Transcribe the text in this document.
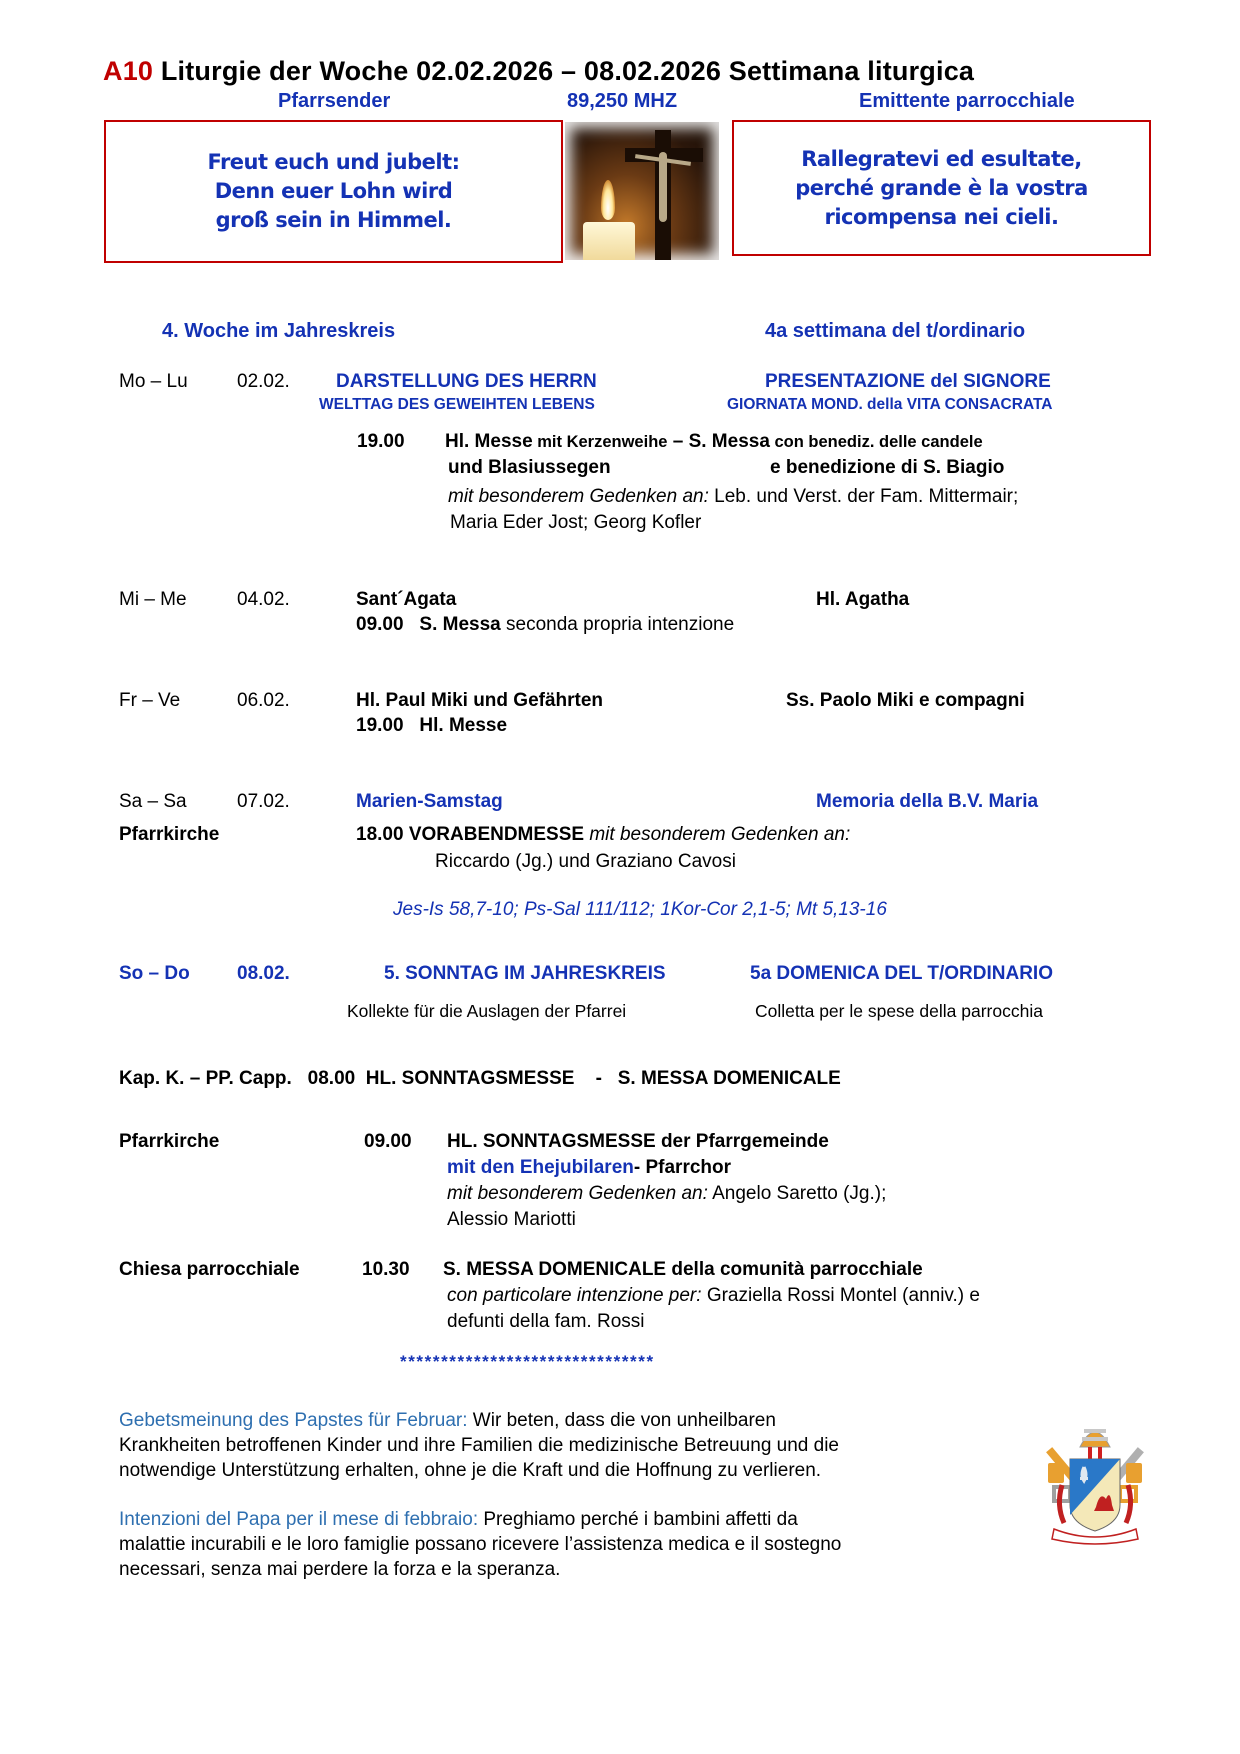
A10 Liturgie der Woche 02.02.2026 – 08.02.2026 Settimana liturgica
Pfarrsender	89,250 MHZ	Emittente parrocchiale
Freut euch und jubelt:
Denn euer Lohn wird
groß sein in Himmel.
Rallegratevi ed esultate,
perché grande è la vostra
ricompensa nei cieli.
4. Woche im Jahreskreis	4a settimana del t/ordinario
Mo – Lu	02.02. DARSTELLUNG DES HERRN	PRESENTAZIONE del SIGNORE
WELTTAG DES GEWEIHTEN LEBENS	GIORNATA MOND. della VITA CONSACRATA
19.00 Hl. Messe mit Kerzenweihe – S. Messa con benediz. delle candele
und Blasiussegen	e benedizione di S. Biagio
mit besonderem Gedenken an: Leb. und Verst. der Fam. Mittermair;
Maria Eder Jost; Georg Kofler
Mi – Me	04.02.	Sant´Agata	Hl. Agatha
09.00 S. Messa seconda propria intenzione
Fr – Ve	06.02.	Hl. Paul Miki und Gefährten	Ss. Paolo Miki e compagni
19.00 Hl. Messe
Sa – Sa	07.02.	Marien-Samstag	Memoria della B.V. Maria
Pfarrkirche	18.00 VORABENDMESSE mit besonderem Gedenken an:
Riccardo (Jg.) und Graziano Cavosi
Jes-Is 58,7-10; Ps-Sal 111/112; 1Kor-Cor 2,1-5; Mt 5,13-16
So – Do 08.02.	5. SONNTAG IM JAHRESKREIS	5a DOMENICA DEL T/ORDINARIO
Kollekte für die Auslagen der Pfarrei	Colletta per le spese della parrocchia
Kap. K. – PP. Capp. 08.00 HL. SONNTAGSMESSE - S. MESSA DOMENICALE
Pfarrkirche	09.00 HL. SONNTAGSMESSE der Pfarrgemeinde
mit den Ehejubilaren- Pfarrchor
mit besonderem Gedenken an: Angelo Saretto (Jg.);
Alessio Mariotti
Chiesa parrocchiale	10.30 S. MESSA DOMENICALE della comunità parrocchiale
con particolare intenzione per: Graziella Rossi Montel (anniv.) e
defunti della fam. Rossi
*******************************
Gebetsmeinung des Papstes für Februar: Wir beten, dass die von unheilbaren
Krankheiten betroffenen Kinder und ihre Familien die medizinische Betreuung und die
notwendige Unterstützung erhalten, ohne je die Kraft und die Hoffnung zu verlieren.
Intenzioni del Papa per il mese di febbraio: Preghiamo perché i bambini affetti da
malattie incurabili e le loro famiglie possano ricevere l’assistenza medica e il sostegno
necessari, senza mai perdere la forza e la speranza.
